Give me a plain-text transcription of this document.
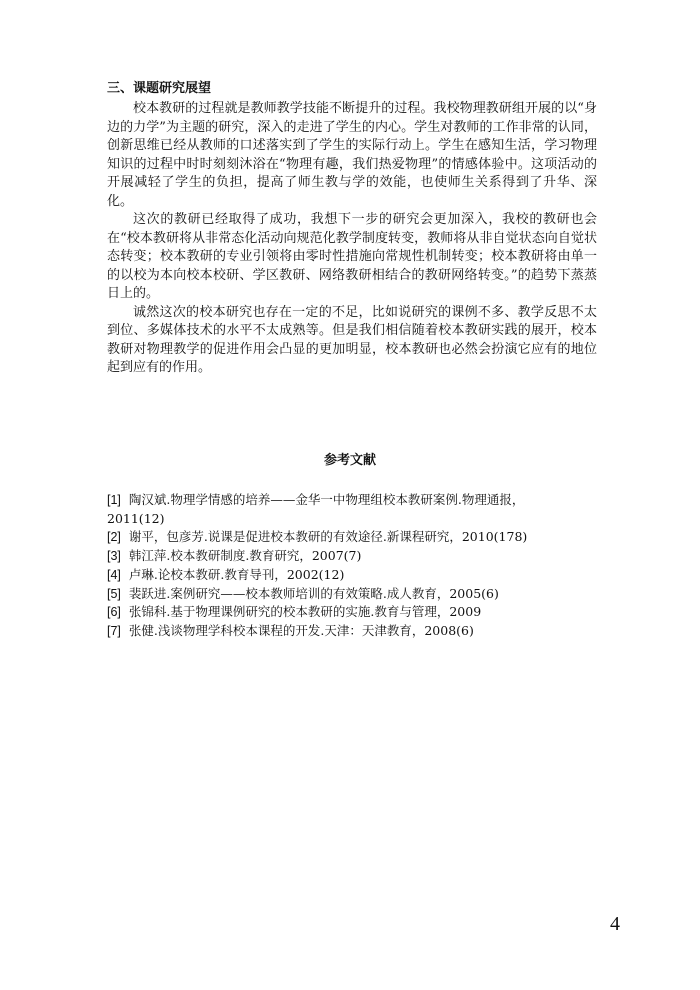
三、课题研究展望

校本教研的过程就是教师教学技能不断提升的过程。我校物理教研组开展的以“身边的力学”为主题的研究，深入的走进了学生的内心。学生对教师的工作非常的认同，创新思维已经从教师的口述落实到了学生的实际行动上。学生在感知生活，学习物理知识的过程中时时刻刻沐浴在“物理有趣，我们热爱物理”的情感体验中。这项活动的开展减轻了学生的负担，提高了师生教与学的效能，也使师生关系得到了升华、深化。

这次的教研已经取得了成功，我想下一步的研究会更加深入，我校的教研也会在“校本教研将从非常态化活动向规范化教学制度转变，教师将从非自觉状态向自觉状态转变；校本教研的专业引领将由零时性措施向常规性机制转变；校本教研将由单一的以校为本向校本校研、学区教研、网络教研相结合的教研网络转变。”的趋势下蒸蒸日上的。

诚然这次的校本研究也存在一定的不足，比如说研究的课例不多、教学反思不太到位、多媒体技术的水平不太成熟等。但是我们相信随着校本教研实践的展开，校本教研对物理教学的促进作用会凸显的更加明显，校本教研也必然会扮演它应有的地位起到应有的作用。

参考文献
[1] 陶汉斌.物理学情感的培养——金华一中物理组校本教研案例.物理通报，2011(12)
[2] 谢平，包彦芳.说课是促进校本教研的有效途径.新课程研究，2010(178)
[3] 韩江萍.校本教研制度.教育研究，2007(7)
[4] 卢琳.论校本教研.教育导刊，2002(12)
[5] 裴跃进.案例研究——校本教师培训的有效策略.成人教育，2005(6)
[6] 张锦科.基于物理课例研究的校本教研的实施.教育与管理，2009
[7] 张健.浅谈物理学科校本课程的开发.天津：天津教育，2008(6)
4
